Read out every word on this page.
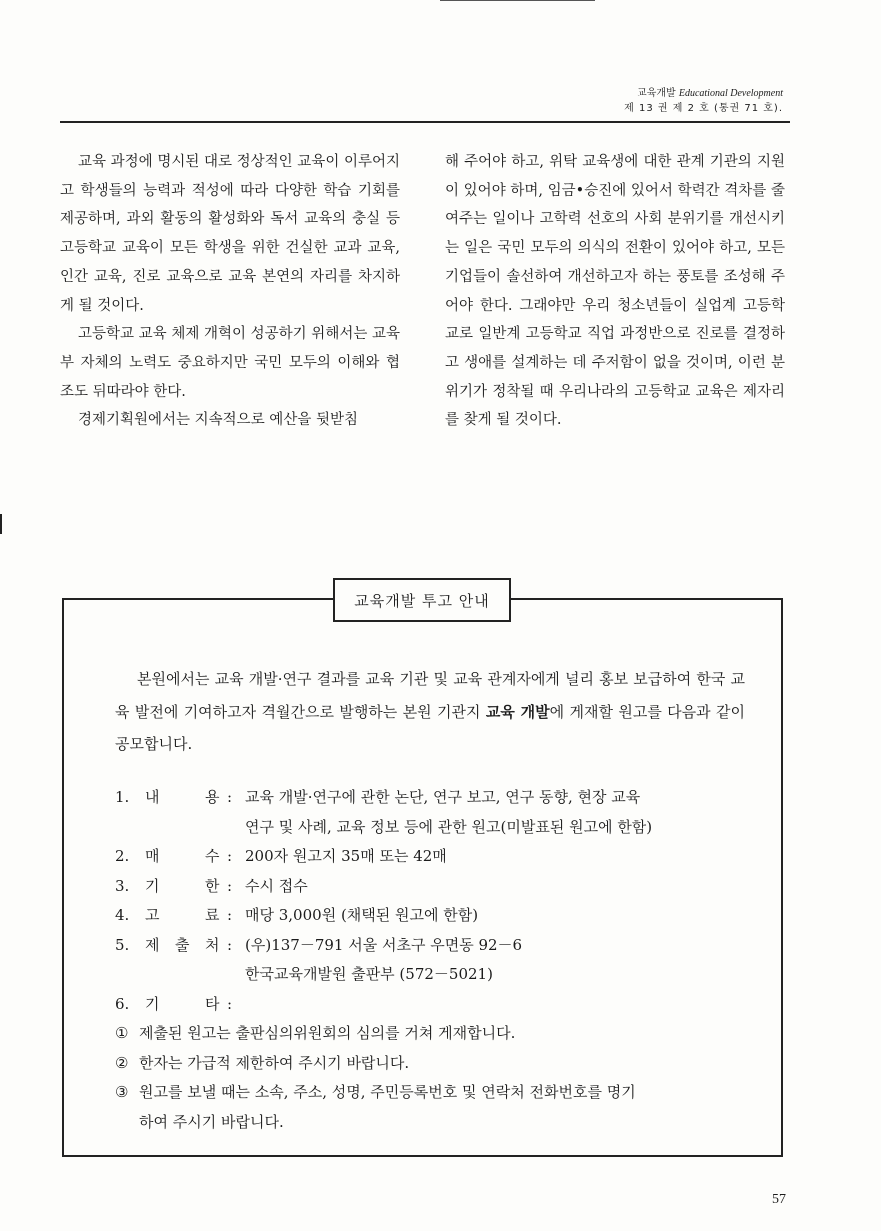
교육개발 Educational Development
제 13 권 제 2 호 (통권 71 호).

교육 과정에 명시된 대로 정상적인 교육이 이루어지고 학생들의 능력과 적성에 따라 다양한 학습 기회를 제공하며, 과외 활동의 활성화와 독서 교육의 충실 등 고등학교 교육이 모든 학생을 위한 건실한 교과 교육, 인간 교육, 진로 교육으로 교육 본연의 자리를 차지하게 될 것이다.

고등학교 교육 체제 개혁이 성공하기 위해서는 교육부 자체의 노력도 중요하지만 국민 모두의 이해와 협조도 뒤따라야 한다.

경제기획원에서는 지속적으로 예산을 뒷받침

해 주어야 하고, 위탁 교육생에 대한 관계 기관의 지원이 있어야 하며, 임금•승진에 있어서 학력간 격차를 줄여주는 일이나 고학력 선호의 사회 분위기를 개선시키는 일은 국민 모두의 의식의 전환이 있어야 하고, 모든 기업들이 솔선하여 개선하고자 하는 풍토를 조성해 주어야 한다. 그래야만 우리 청소년들이 실업계 고등학교로 일반계 고등학교 직업 과정반으로 진로를 결정하고 생애를 설계하는 데 주저함이 없을 것이며, 이런 분위기가 정착될 때 우리나라의 고등학교 교육은 제자리를 찾게 될 것이다.

교육개발 투고 안내

본원에서는 교육 개발·연구 결과를 교육 기관 및 교육 관계자에게 널리 홍보 보급하여 한국 교육 발전에 기여하고자 격월간으로 발행하는 본원 기관지 교육 개발에 게재할 원고를 다음과 같이 공모합니다.

1. 내	용 : 교육 개발·연구에 관한 논단, 연구 보고, 연구 동향, 현장 교육
연구 및 사례, 교육 정보 등에 관한 원고(미발표된 원고에 한함)
2. 매	수 : 200자 원고지 35매 또는 42매
3. 기	한 : 수시 접수
4. 고	료 : 매당 3,000원 (채택된 원고에 한함)
5. 제 출 처 : (우)137－791 서울 서초구 우면동 92－6
한국교육개발원 출판부 (572－5021)
6. 기	타 :
① 제출된 원고는 출판심의위원회의 심의를 거쳐 게재합니다.
② 한자는 가급적 제한하여 주시기 바랍니다.
③ 원고를 보낼 때는 소속, 주소, 성명, 주민등록번호 및 연락처 전화번호를 명기
하여 주시기 바랍니다.
57
